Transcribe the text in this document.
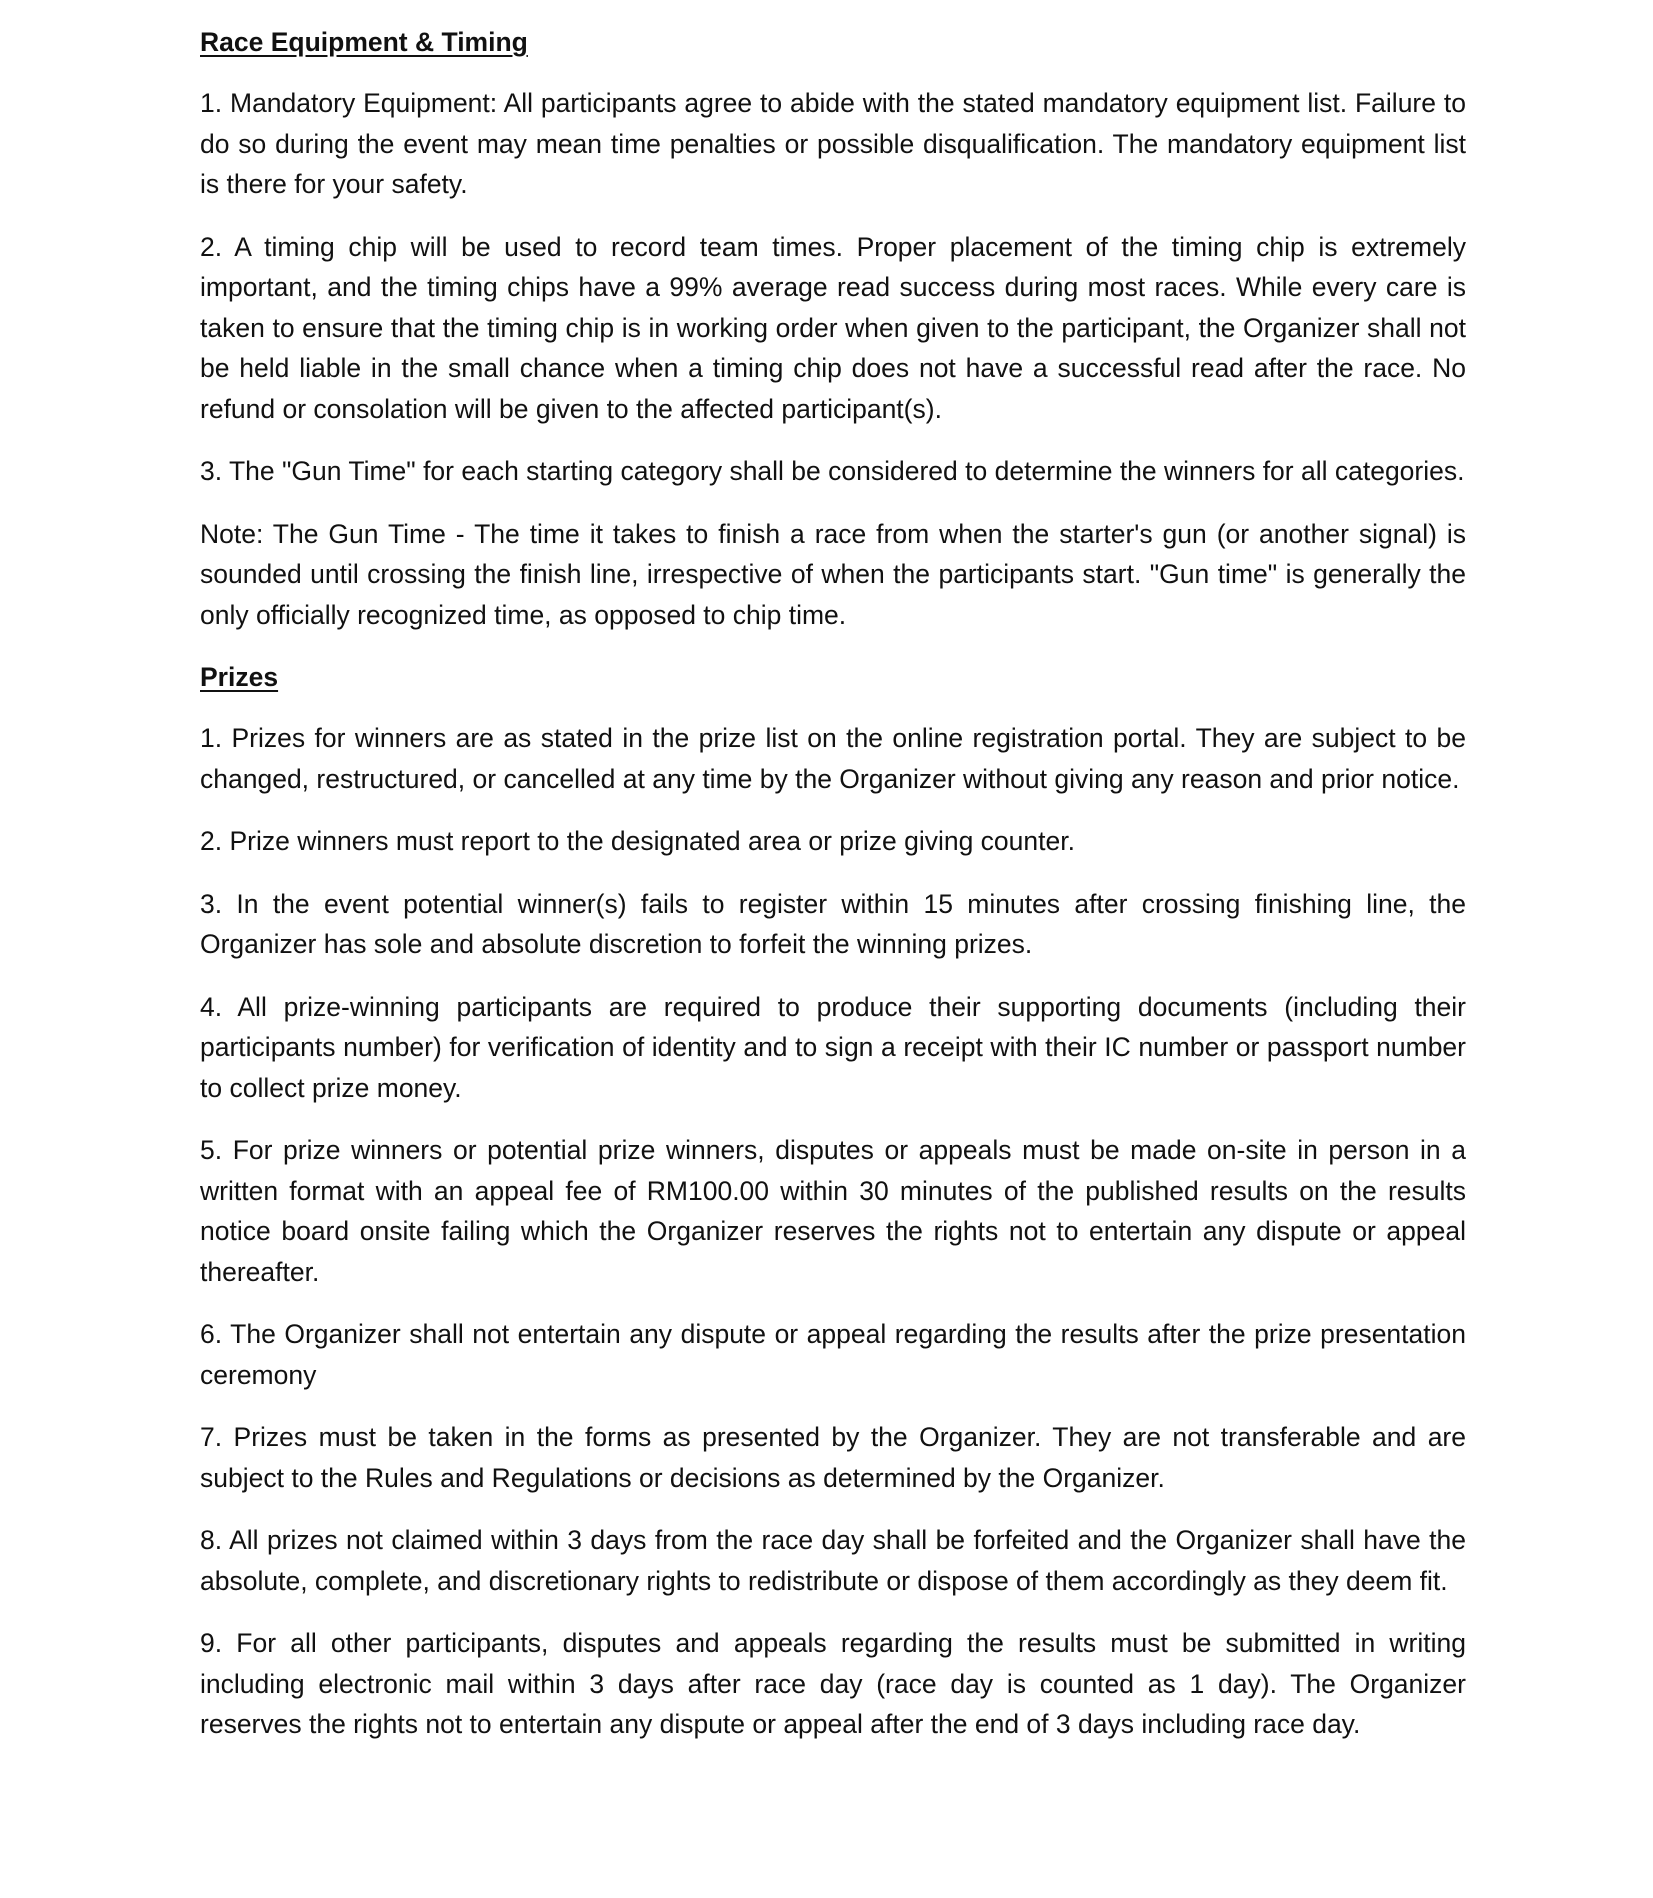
Race Equipment & Timing

1. Mandatory Equipment: All participants agree to abide with the stated mandatory equipment list. Failure to do so during the event may mean time penalties or possible disqualification. The mandatory equipment list is there for your safety.

2. A timing chip will be used to record team times. Proper placement of the timing chip is extremely important, and the timing chips have a 99% average read success during most races. While every care is taken to ensure that the timing chip is in working order when given to the participant, the Organizer shall not be held liable in the small chance when a timing chip does not have a successful read after the race. No refund or consolation will be given to the affected participant(s).

3. The "Gun Time" for each starting category shall be considered to determine the winners for all categories.

Note: The Gun Time - The time it takes to finish a race from when the starter's gun (or another signal) is sounded until crossing the finish line, irrespective of when the participants start. "Gun time" is generally the only officially recognized time, as opposed to chip time.

Prizes

1. Prizes for winners are as stated in the prize list on the online registration portal. They are subject to be changed, restructured, or cancelled at any time by the Organizer without giving any reason and prior notice.

2. Prize winners must report to the designated area or prize giving counter.

3. In the event potential winner(s) fails to register within 15 minutes after crossing finishing line, the Organizer has sole and absolute discretion to forfeit the winning prizes.

4. All prize-winning participants are required to produce their supporting documents (including their participants number) for verification of identity and to sign a receipt with their IC number or passport number to collect prize money.

5. For prize winners or potential prize winners, disputes or appeals must be made on-site in person in a written format with an appeal fee of RM100.00 within 30 minutes of the published results on the results notice board onsite failing which the Organizer reserves the rights not to entertain any dispute or appeal thereafter.

6. The Organizer shall not entertain any dispute or appeal regarding the results after the prize presentation ceremony

7. Prizes must be taken in the forms as presented by the Organizer. They are not transferable and are subject to the Rules and Regulations or decisions as determined by the Organizer.

8. All prizes not claimed within 3 days from the race day shall be forfeited and the Organizer shall have the absolute, complete, and discretionary rights to redistribute or dispose of them accordingly as they deem fit.

9. For all other participants, disputes and appeals regarding the results must be submitted in writing including electronic mail within 3 days after race day (race day is counted as 1 day). The Organizer reserves the rights not to entertain any dispute or appeal after the end of 3 days including race day.
